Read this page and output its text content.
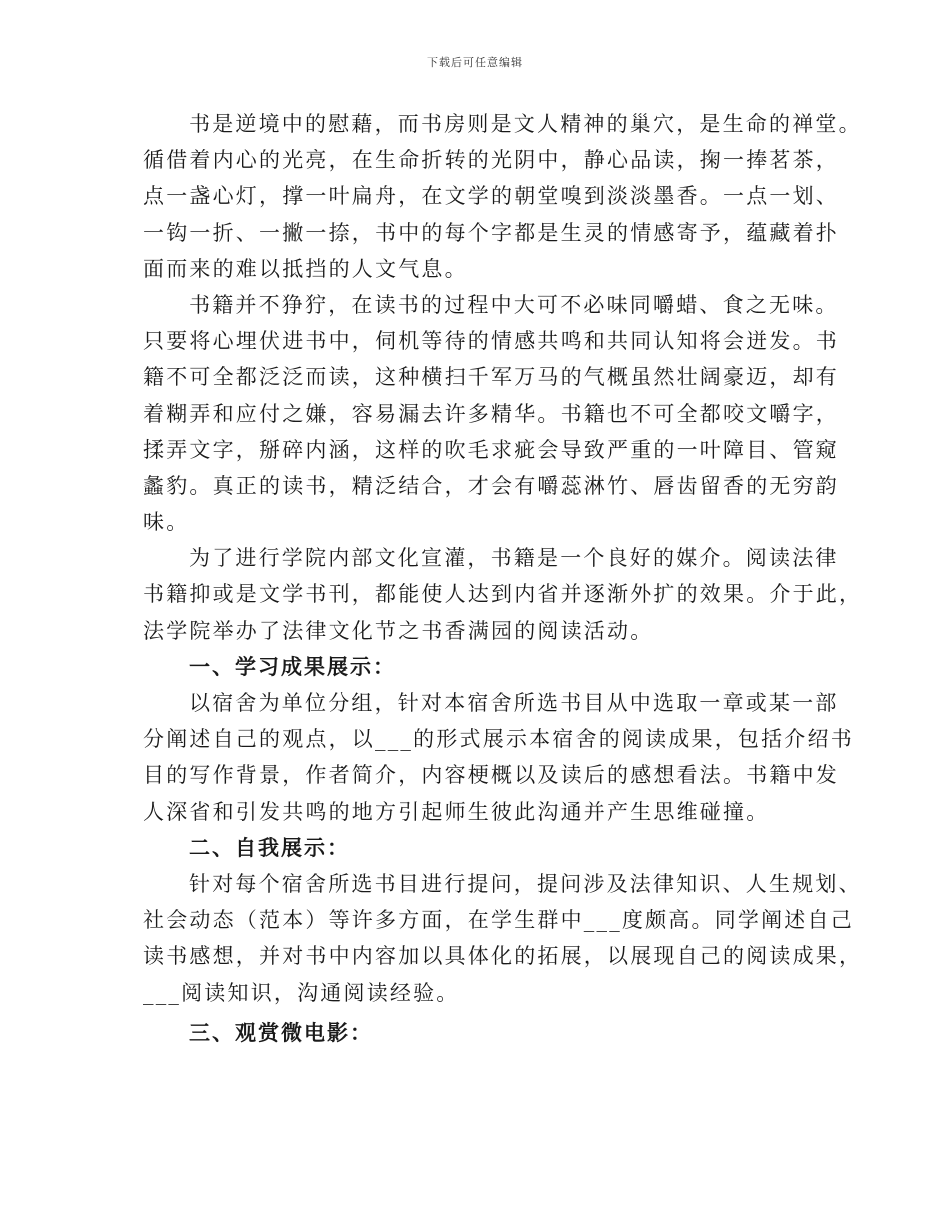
下载后可任意编辑
书是逆境中的慰藉，而书房则是文人精神的巢穴，是生命的禅堂。
循借着内心的光亮，在生命折转的光阴中，静心品读，掬一捧茗茶，
点一盏心灯，撑一叶扁舟，在文学的朝堂嗅到淡淡墨香。一点一划、
一钩一折、一撇一捺，书中的每个字都是生灵的情感寄予，蕴藏着扑
面而来的难以抵挡的人文气息。
书籍并不狰狞，在读书的过程中大可不必味同嚼蜡、食之无味。
只要将心埋伏进书中，伺机等待的情感共鸣和共同认知将会迸发。书
籍不可全都泛泛而读，这种横扫千军万马的气概虽然壮阔豪迈，却有
着糊弄和应付之嫌，容易漏去许多精华。书籍也不可全都咬文嚼字，
揉弄文字，掰碎内涵，这样的吹毛求疵会导致严重的一叶障目、管窥
蠡豹。真正的读书，精泛结合，才会有嚼蕊淋竹、唇齿留香的无穷韵
味。
为了进行学院内部文化宣灌，书籍是一个良好的媒介。阅读法律
书籍抑或是文学书刊，都能使人达到内省并逐渐外扩的效果。介于此，
法学院举办了法律文化节之书香满园的阅读活动。
一、学习成果展示：
以宿舍为单位分组，针对本宿舍所选书目从中选取一章或某一部
分阐述自己的观点，以___的形式展示本宿舍的阅读成果，包括介绍书
目的写作背景，作者简介，内容梗概以及读后的感想看法。书籍中发
人深省和引发共鸣的地方引起师生彼此沟通并产生思维碰撞。
二、自我展示：
针对每个宿舍所选书目进行提问，提问涉及法律知识、人生规划、
社会动态（范本）等许多方面，在学生群中___度颇高。同学阐述自己
读书感想，并对书中内容加以具体化的拓展，以展现自己的阅读成果，
___阅读知识，沟通阅读经验。
三、观赏微电影：
